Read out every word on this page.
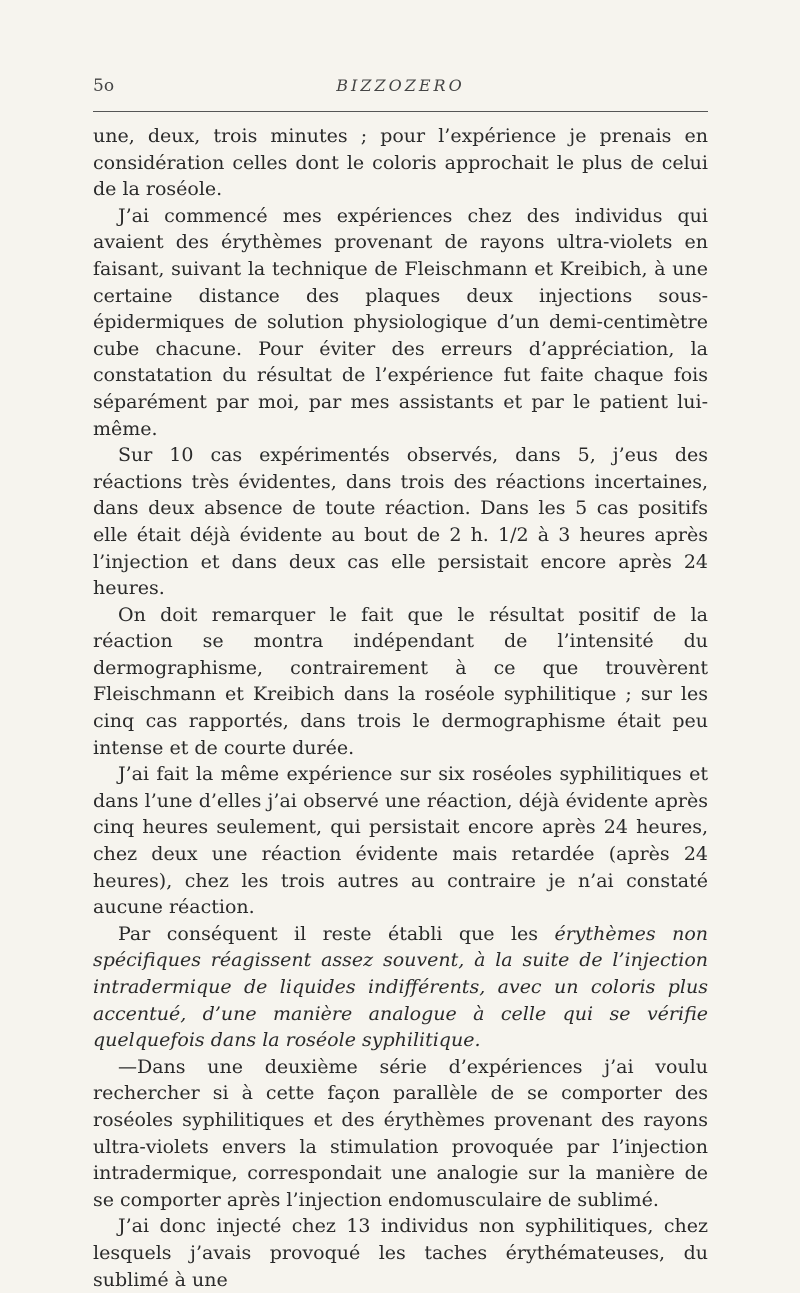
5o	BIZZOZERO

une, deux, trois minutes ; pour l’expérience je prenais en considération celles dont le coloris approchait le plus de celui de la roséole.

J’ai commencé mes expériences chez des individus qui avaient des érythèmes provenant de rayons ultra-violets en faisant, suivant la technique de Fleischmann et Kreibich, à une certaine distance des plaques deux injections sous-épidermiques de solution physiologique d’un demi-centimètre cube chacune. Pour éviter des erreurs d’appréciation, la constatation du résultat de l’expérience fut faite chaque fois séparément par moi, par mes assistants et par le patient lui-même.

Sur 10 cas expérimentés observés, dans 5, j’eus des réactions très évidentes, dans trois des réactions incertaines, dans deux absence de toute réaction. Dans les 5 cas positifs elle était déjà évidente au bout de 2 h. 1/2 à 3 heures après l’injection et dans deux cas elle persistait encore après 24 heures.

On doit remarquer le fait que le résultat positif de la réaction se montra indépendant de l’intensité du dermographisme, contrairement à ce que trouvèrent Fleischmann et Kreibich dans la roséole syphilitique ; sur les cinq cas rapportés, dans trois le dermographisme était peu intense et de courte durée.

J’ai fait la même expérience sur six roséoles syphilitiques et dans l’une d’elles j’ai observé une réaction, déjà évidente après cinq heures seulement, qui persistait encore après 24 heures, chez deux une réaction évidente mais retardée (après 24 heures), chez les trois autres au contraire je n’ai constaté aucune réaction.

Par conséquent il reste établi que les érythèmes non spécifiques réagissent assez souvent, à la suite de l’injection intradermique de liquides indifférents, avec un coloris plus accentué, d’une manière analogue à celle qui se vérifie quelquefois dans la roséole syphilitique.

—Dans une deuxième série d’expériences j’ai voulu rechercher si à cette façon parallèle de se comporter des roséoles syphilitiques et des érythèmes provenant des rayons ultra-violets envers la stimulation provoquée par l’injection intradermique, correspondait une analogie sur la manière de se comporter après l’injection endomusculaire de sublimé.

J’ai donc injecté chez 13 individus non syphilitiques, chez lesquels j’avais provoqué les taches érythémateuses, du sublimé à une
